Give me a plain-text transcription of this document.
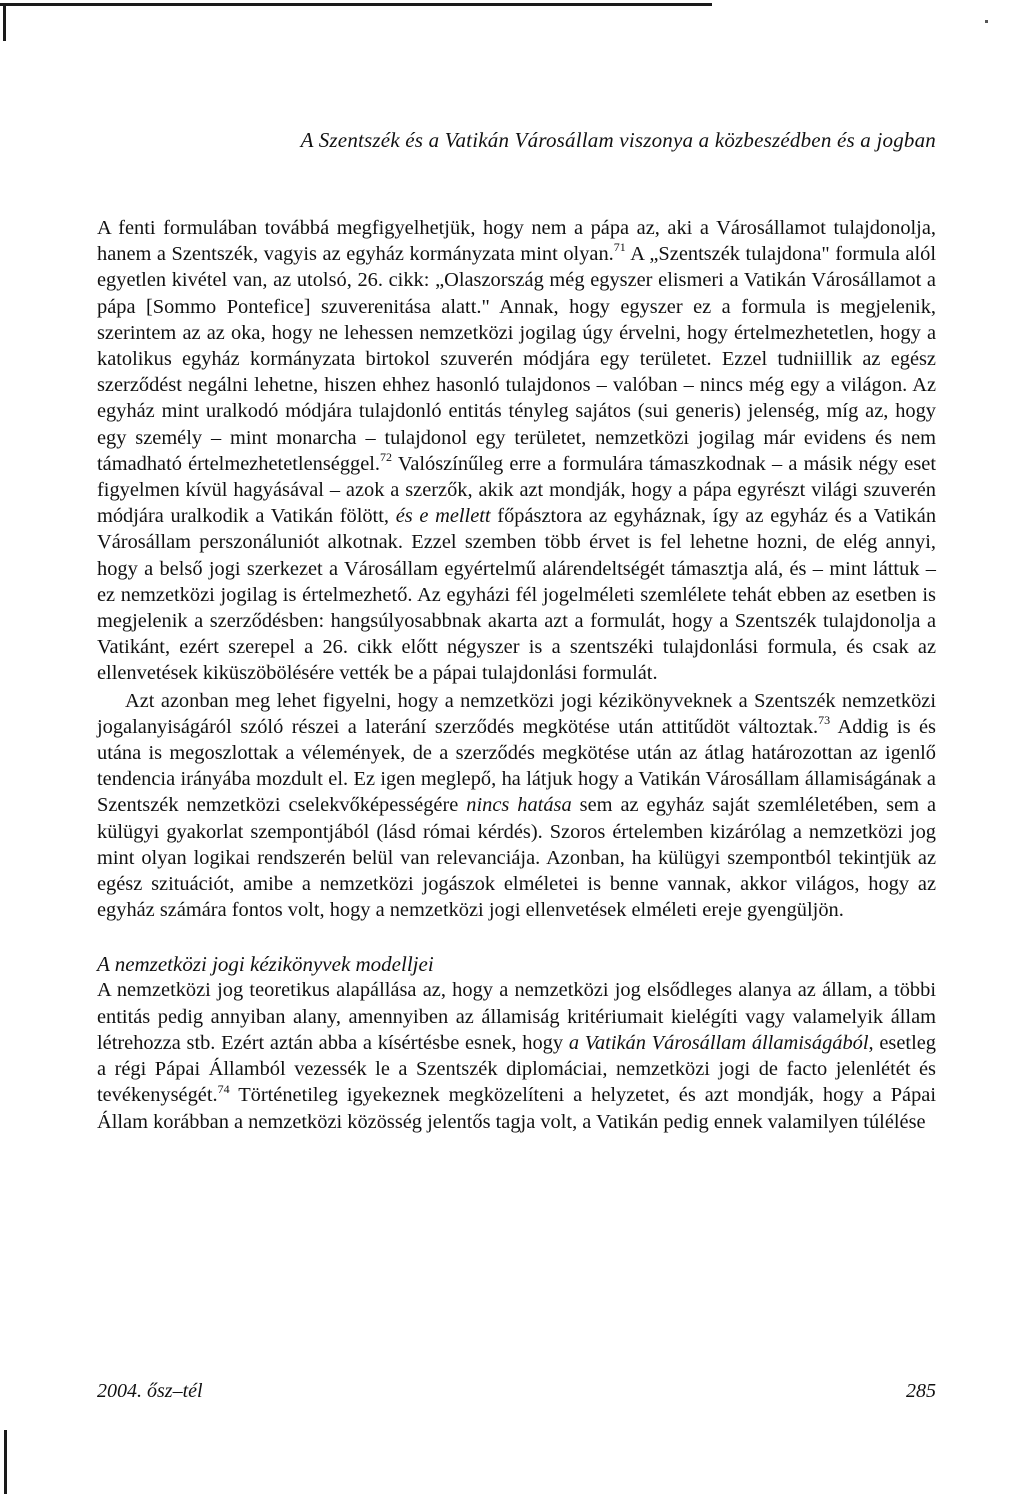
A Szentszék és a Vatikán Városállam viszonya a közbeszédben és a jogban

A fenti formulában továbbá megfigyelhetjük, hogy nem a pápa az, aki a Városállamot tulajdonolja, hanem a Szentszék, vagyis az egyház kormányzata mint olyan.$^{71}$ A „Szentszék tulajdona" formula alól egyetlen kivétel van, az utolsó, 26. cikk: „Olaszország még egyszer elismeri a Vatikán Városállamot a pápa [Sommo Pontefice] szuverenitása alatt." Annak, hogy egyszer ez a formula is megjelenik, szerintem az az oka, hogy ne lehessen nemzetközi jogilag úgy érvelni, hogy értelmezhetetlen, hogy a katolikus egyház kormányzata birtokol szuverén módjára egy területet. Ezzel tudniillik az egész szerződést negálni lehetne, hiszen ehhez hasonló tulajdonos – valóban – nincs még egy a világon. Az egyház mint uralkodó módjára tulajdonló entitás tényleg sajátos (sui generis) jelenség, míg az, hogy egy személy – mint monarcha – tulajdonol egy területet, nemzetközi jogilag már evidens és nem támadható értelmezhetetlenséggel.$^{72}$ Valószínűleg erre a formulára támaszkodnak – a másik négy eset figyelmen kívül hagyásával – azok a szerzők, akik azt mondják, hogy a pápa egyrészt világi szuverén módjára uralkodik a Vatikán fölött, és e mellett főpásztora az egyháznak, így az egyház és a Vatikán Városállam perszonáluniót alkotnak. Ezzel szemben több érvet is fel lehetne hozni, de elég annyi, hogy a belső jogi szerkezet a Városállam egyértelmű alárendeltségét támasztja alá, és – mint láttuk – ez nemzetközi jogilag is értelmezhető. Az egyházi fél jogelméleti szemlélete tehát ebben az esetben is megjelenik a szerződésben: hangsúlyosabbnak akarta azt a formulát, hogy a Szentszék tulajdonolja a Vatikánt, ezért szerepel a 26. cikk előtt négyszer is a szentszéki tulajdonlási formula, és csak az ellenvetések kiküszöbölésére vették be a pápai tulajdonlási formulát.

Azt azonban meg lehet figyelni, hogy a nemzetközi jogi kézikönyveknek a Szentszék nemzetközi jogalanyiságáról szóló részei a laterání szerződés megkötése után attitűdöt változtak.$^{73}$ Addig is és utána is megoszlottak a vélemények, de a szerződés megkötése után az átlag határozottan az igenlő tendencia irányába mozdult el. Ez igen meglepő, ha látjuk hogy a Vatikán Városállam államiságának a Szentszék nemzetközi cselekvőképességére nincs hatása sem az egyház saját szemléletében, sem a külügyi gyakorlat szempontjából (lásd római kérdés). Szoros értelemben kizárólag a nemzetközi jog mint olyan logikai rendszerén belül van relevanciája. Azonban, ha külügyi szempontból tekintjük az egész szituációt, amibe a nemzetközi jogászok elméletei is benne vannak, akkor világos, hogy az egyház számára fontos volt, hogy a nemzetközi jogi ellenvetések elméleti ereje gyengüljön.

A nemzetközi jogi kézikönyvek modelljei

A nemzetközi jog teoretikus alapállása az, hogy a nemzetközi jog elsődleges alanya az állam, a többi entitás pedig annyiban alany, amennyiben az államiság kritériumait kielégíti vagy valamelyik állam létrehozza stb. Ezért aztán abba a kísértésbe esnek, hogy a Vatikán Városállam államiságából, esetleg a régi Pápai Államból vezessék le a Szentszék diplomáciai, nemzetközi jogi de facto jelenlétét és tevékenységét.$^{74}$ Történetileg igyekeznek megközelíteni a helyzetet, és azt mondják, hogy a Pápai Állam korábban a nemzetközi közösség jelentős tagja volt, a Vatikán pedig ennek valamilyen túlélése

2004. ősz–tél	285
